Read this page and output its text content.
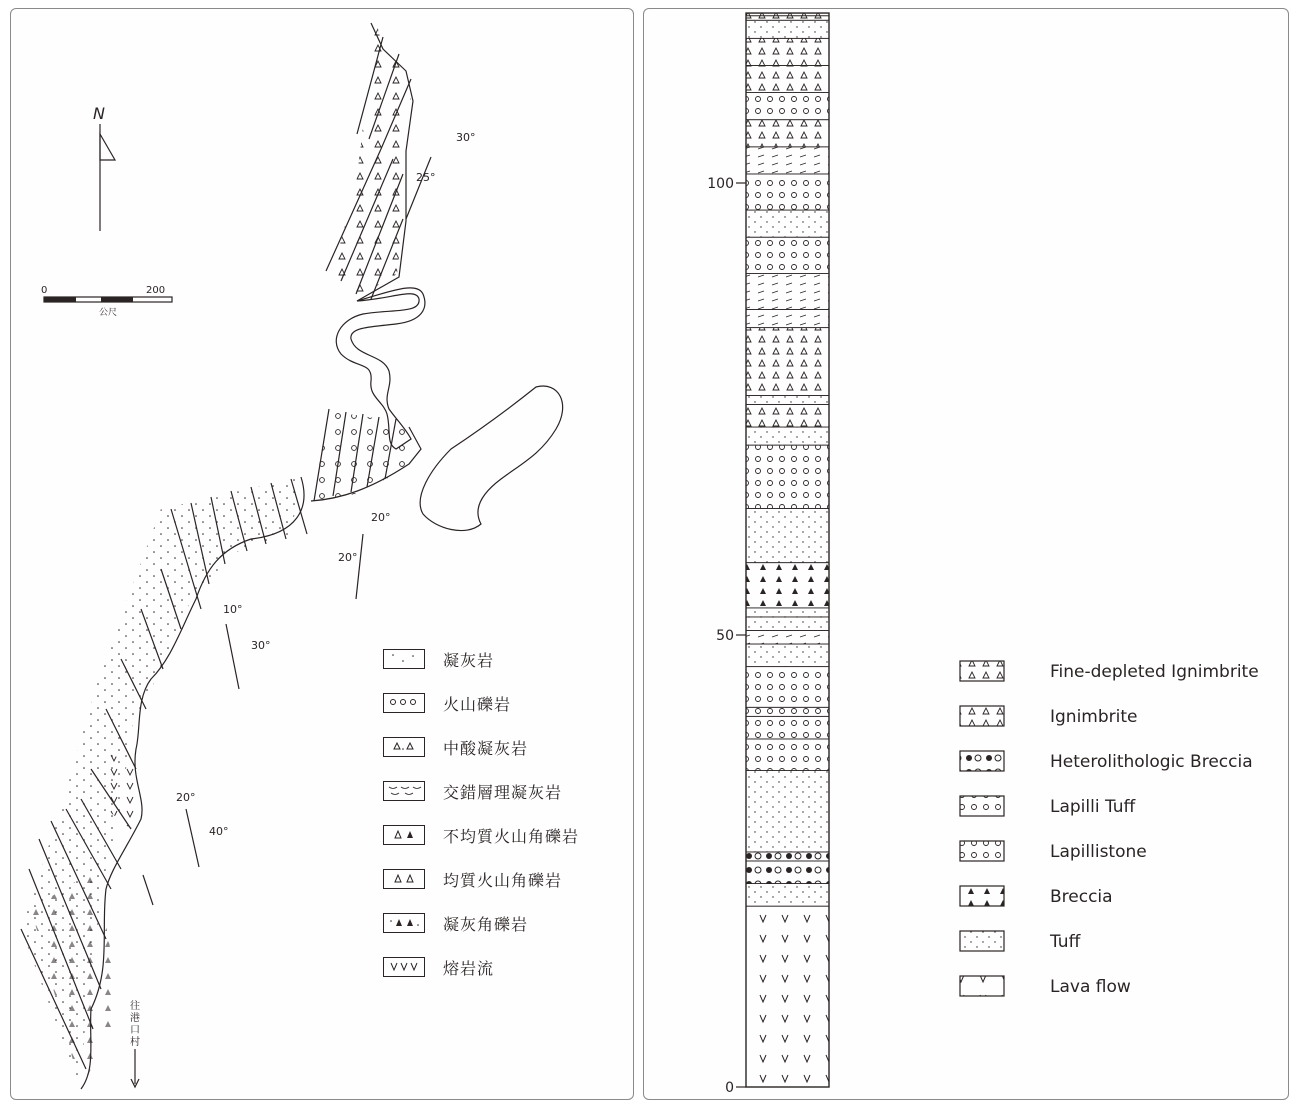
N
0	200
公尺
30°
25°
20°
20°
10°
30°
20°
40°
往港口村
凝灰岩
火山礫岩
中酸凝灰岩
交錯層理凝灰岩
不均質火山角礫岩
均質火山角礫岩
凝灰角礫岩
熔岩流
100
50
0
Fine-depleted Ignimbrite
Ignimbrite
Heterolithologic Breccia
Lapilli Tuff
Lapillistone
Breccia
Tuff
Lava flow
